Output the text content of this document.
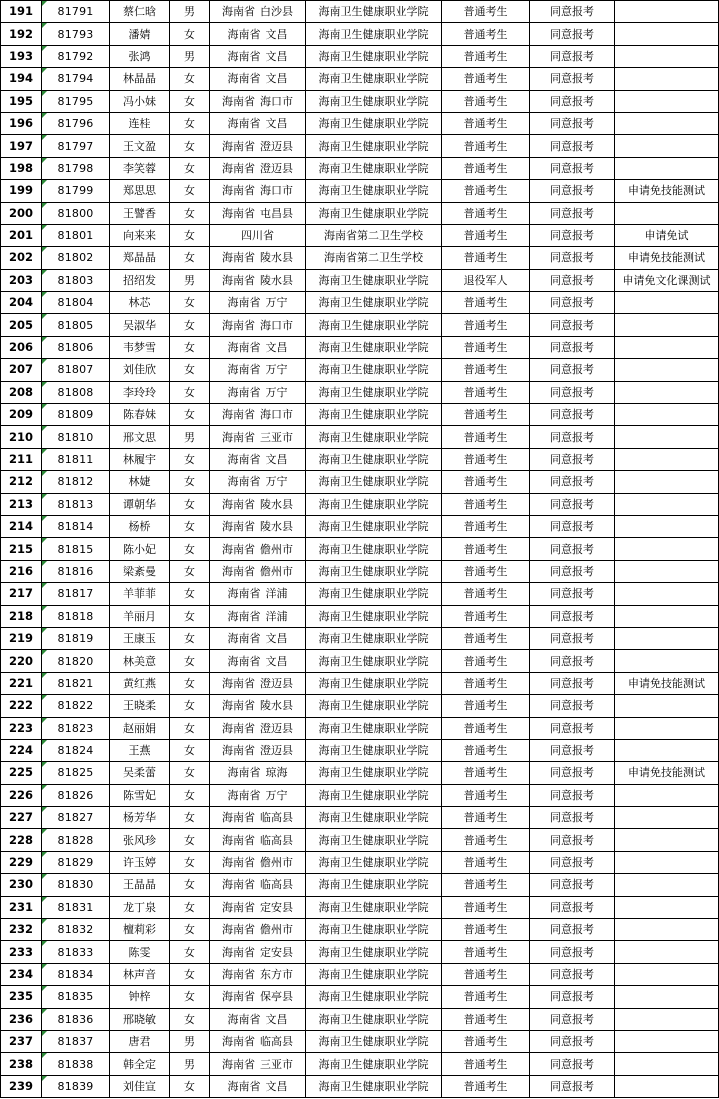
191	81791	蔡仁晗	男	海南省 白沙县	海南卫生健康职业学院	普通考生	同意报考	
192	81793	潘婧	女	海南省 文昌	海南卫生健康职业学院	普通考生	同意报考	
193	81792	张鸿	男	海南省 文昌	海南卫生健康职业学院	普通考生	同意报考	
194	81794	林晶晶	女	海南省 文昌	海南卫生健康职业学院	普通考生	同意报考	
195	81795	冯小妹	女	海南省 海口市	海南卫生健康职业学院	普通考生	同意报考	
196	81796	连桂	女	海南省 文昌	海南卫生健康职业学院	普通考生	同意报考	
197	81797	王文盈	女	海南省 澄迈县	海南卫生健康职业学院	普通考生	同意报考	
198	81798	李笑蓉	女	海南省 澄迈县	海南卫生健康职业学院	普通考生	同意报考	
199	81799	郑思思	女	海南省 海口市	海南卫生健康职业学院	普通考生	同意报考	申请免技能测试
200	81800	王譬香	女	海南省 屯昌县	海南卫生健康职业学院	普通考生	同意报考	
201	81801	向来来	女	四川省	海南省第二卫生学校	普通考生	同意报考	申请免试
202	81802	郑晶晶	女	海南省 陵水县	海南省第二卫生学校	普通考生	同意报考	申请免技能测试
203	81803	招绍发	男	海南省 陵水县	海南卫生健康职业学院	退役军人	同意报考	申请免文化课测试
204	81804	林芯	女	海南省 万宁	海南卫生健康职业学院	普通考生	同意报考	
205	81805	吴淑华	女	海南省 海口市	海南卫生健康职业学院	普通考生	同意报考	
206	81806	韦梦雪	女	海南省 文昌	海南卫生健康职业学院	普通考生	同意报考	
207	81807	刘佳欣	女	海南省 万宁	海南卫生健康职业学院	普通考生	同意报考	
208	81808	李玲玲	女	海南省 万宁	海南卫生健康职业学院	普通考生	同意报考	
209	81809	陈春妹	女	海南省 海口市	海南卫生健康职业学院	普通考生	同意报考	
210	81810	邢文思	男	海南省 三亚市	海南卫生健康职业学院	普通考生	同意报考	
211	81811	林履宇	女	海南省 文昌	海南卫生健康职业学院	普通考生	同意报考	
212	81812	林婕	女	海南省 万宁	海南卫生健康职业学院	普通考生	同意报考	
213	81813	谭朝华	女	海南省 陵水县	海南卫生健康职业学院	普通考生	同意报考	
214	81814	杨桥	女	海南省 陵水县	海南卫生健康职业学院	普通考生	同意报考	
215	81815	陈小妃	女	海南省 儋州市	海南卫生健康职业学院	普通考生	同意报考	
216	81816	梁紊曼	女	海南省 儋州市	海南卫生健康职业学院	普通考生	同意报考	
217	81817	羊菲菲	女	海南省 洋浦	海南卫生健康职业学院	普通考生	同意报考	
218	81818	羊丽月	女	海南省 洋浦	海南卫生健康职业学院	普通考生	同意报考	
219	81819	王康玉	女	海南省 文昌	海南卫生健康职业学院	普通考生	同意报考	
220	81820	林美意	女	海南省 文昌	海南卫生健康职业学院	普通考生	同意报考	
221	81821	黄红燕	女	海南省 澄迈县	海南卫生健康职业学院	普通考生	同意报考	申请免技能测试
222	81822	王晓柔	女	海南省 陵水县	海南卫生健康职业学院	普通考生	同意报考	
223	81823	赵丽娟	女	海南省 澄迈县	海南卫生健康职业学院	普通考生	同意报考	
224	81824	王燕	女	海南省 澄迈县	海南卫生健康职业学院	普通考生	同意报考	
225	81825	吴柔蕾	女	海南省 琼海	海南卫生健康职业学院	普通考生	同意报考	申请免技能测试
226	81826	陈雪妃	女	海南省 万宁	海南卫生健康职业学院	普通考生	同意报考	
227	81827	杨芳华	女	海南省 临高县	海南卫生健康职业学院	普通考生	同意报考	
228	81828	张风珍	女	海南省 临高县	海南卫生健康职业学院	普通考生	同意报考	
229	81829	许玉婷	女	海南省 儋州市	海南卫生健康职业学院	普通考生	同意报考	
230	81830	王晶晶	女	海南省 临高县	海南卫生健康职业学院	普通考生	同意报考	
231	81831	龙丁泉	女	海南省 定安县	海南卫生健康职业学院	普通考生	同意报考	
232	81832	檀莉彩	女	海南省 儋州市	海南卫生健康职业学院	普通考生	同意报考	
233	81833	陈雯	女	海南省 定安县	海南卫生健康职业学院	普通考生	同意报考	
234	81834	林声音	女	海南省 东方市	海南卫生健康职业学院	普通考生	同意报考	
235	81835	钟梓	女	海南省 保亭县	海南卫生健康职业学院	普通考生	同意报考	
236	81836	邢晓敏	女	海南省 文昌	海南卫生健康职业学院	普通考生	同意报考	
237	81837	唐君	男	海南省 临高县	海南卫生健康职业学院	普通考生	同意报考	
238	81838	韩全定	男	海南省 三亚市	海南卫生健康职业学院	普通考生	同意报考	
239	81839	刘佳宣	女	海南省 文昌	海南卫生健康职业学院	普通考生	同意报考	
